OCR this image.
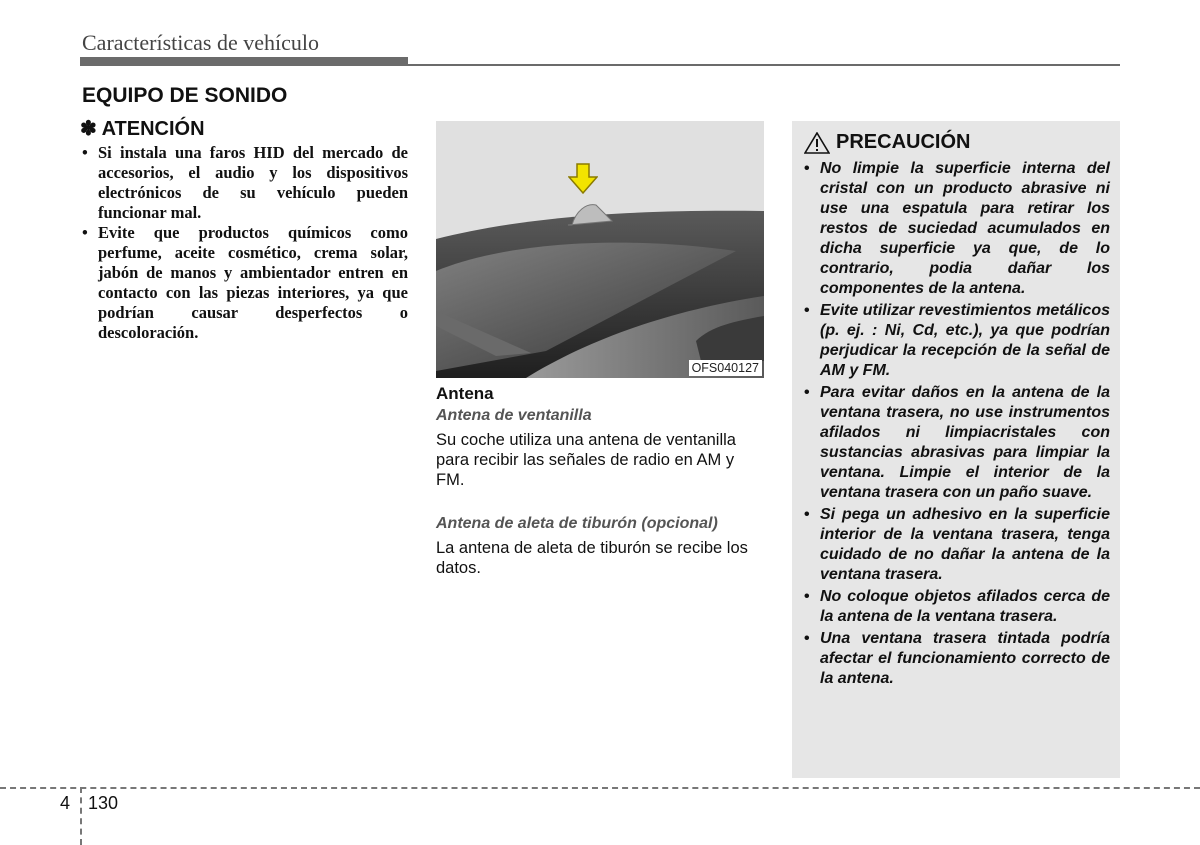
Características de vehículo
EQUIPO DE SONIDO
✽ ATENCIÓN
• Si instala una faros HID del mercado de accesorios, el audio y los dispositivos electrónicos de su vehículo pueden funcionar mal.
• Evite que productos químicos como perfume, aceite cosmético, crema solar, jabón de manos y ambientador entren en contacto con las piezas interiores, ya que podrían causar desperfectos o descoloración.
OFS040127
Antena
Antena de ventanilla
Su coche utiliza una antena de ventanilla para recibir las señales de radio en AM y FM.
Antena de aleta de tiburón (opcional)
La antena de aleta de tiburón se recibe los datos.
PRECAUCIÓN
• No limpie la superficie interna del cristal con un producto abrasive ni use una espatula para retirar los restos de suciedad acumulados en dicha superficie ya que, de lo contrario, podia dañar los componentes de la antena.
• Evite utilizar revestimientos metálicos (p. ej. : Ni, Cd, etc.), ya que podrían perjudicar la recepción de la señal de AM y FM.
• Para evitar daños en la antena de la ventana trasera, no use instrumentos afilados ni limpiacristales con sustancias abrasivas para limpiar la ventana. Limpie el interior de la ventana trasera con un paño suave.
• Si pega un adhesivo en la superficie interior de la ventana trasera, tenga cuidado de no dañar la antena de la ventana trasera.
• No coloque objetos afilados cerca de la antena de la ventana trasera.
• Una ventana trasera tintada podría afectar el funcionamiento correcto de la antena.
4 130
